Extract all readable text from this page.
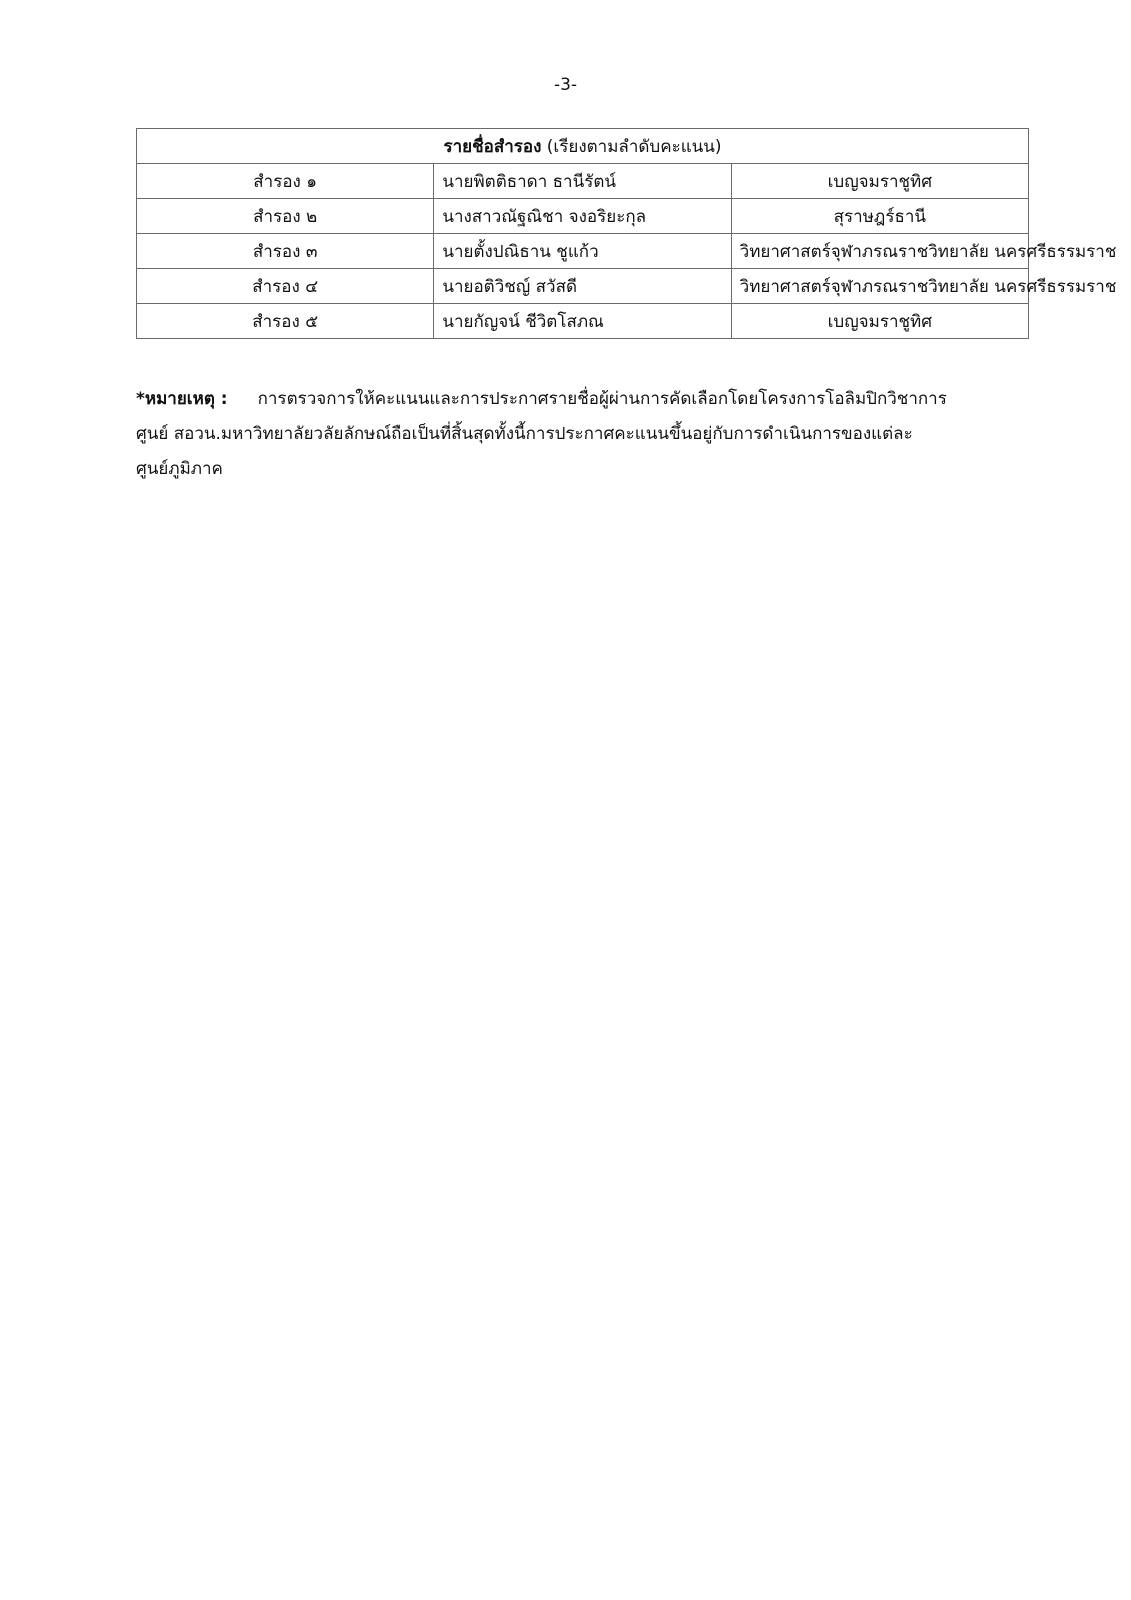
-3-
รายชื่อสำรอง (เรียงตามลำดับคะแนน)		
สำรอง ๑	นายพิตติธาดา ธานีรัตน์	เบญจมราชูทิศ
สำรอง ๒	นางสาวณัฐณิชา จงอริยะกุล	สุราษฎร์ธานี
สำรอง ๓	นายตั้งปณิธาน ชูแก้ว	วิทยาศาสตร์จุฬาภรณราชวิทยาลัย นครศรีธรรมราช
สำรอง ๔	นายอติวิชญ์ สวัสดี	วิทยาศาสตร์จุฬาภรณราชวิทยาลัย นครศรีธรรมราช
สำรอง ๕	นายกัญจน์ ชีวิตโสภณ	เบญจมราชูทิศ
*หมายเหตุ : การตรวจการให้คะแนนและการประกาศรายชื่อผู้ผ่านการคัดเลือกโดยโครงการโอลิมปิกวิชาการ
ศูนย์ สอวน.มหาวิทยาลัยวลัยลักษณ์ถือเป็นที่สิ้นสุดทั้งนี้การประกาศคะแนนขึ้นอยู่กับการดำเนินการของแต่ละ
ศูนย์ภูมิภาค
